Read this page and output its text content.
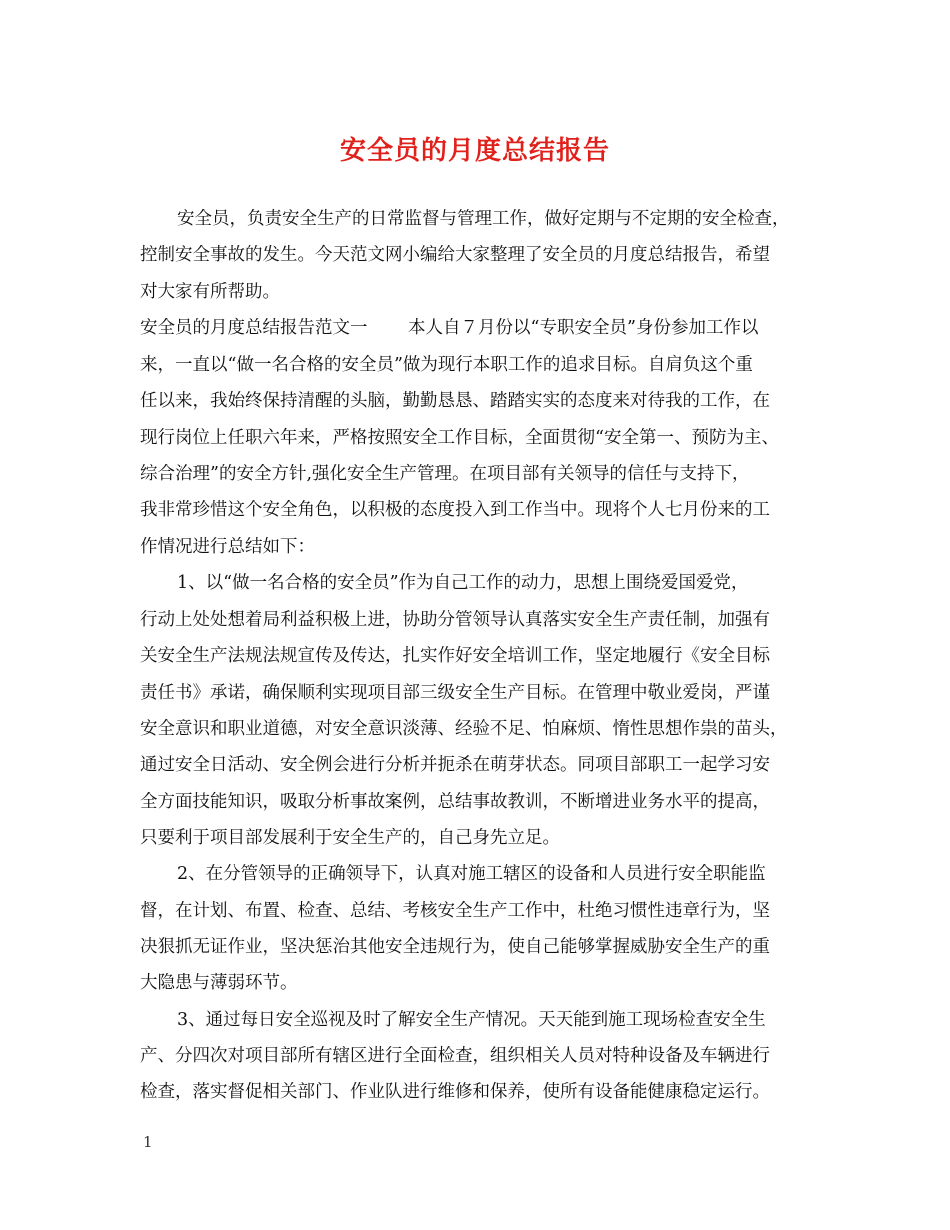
安全员的月度总结报告
安全员，负责安全生产的日常监督与管理工作，做好定期与不定期的安全检查，
控制安全事故的发生。今天范文网小编给大家整理了安全员的月度总结报告，希望
对大家有所帮助。
安全员的月度总结报告范文一　　 本人自７月份以“专职安全员”身份参加工作以
来，一直以“做一名合格的安全员”做为现行本职工作的追求目标。自肩负这个重
任以来，我始终保持清醒的头脑，勤勤恳恳、踏踏实实的态度来对待我的工作，在
现行岗位上任职六年来，严格按照安全工作目标，全面贯彻“安全第一、预防为主、
综合治理”的安全方针,强化安全生产管理。在项目部有关领导的信任与支持下，
我非常珍惜这个安全角色，以积极的态度投入到工作当中。现将个人七月份来的工
作情况进行总结如下：
1、以“做一名合格的安全员”作为自己工作的动力，思想上围绕爱国爱党，
行动上处处想着局利益积极上进，协助分管领导认真落实安全生产责任制，加强有
关安全生产法规法规宣传及传达，扎实作好安全培训工作，坚定地履行《安全目标
责任书》承诺，确保顺利实现项目部三级安全生产目标。在管理中敬业爱岗，严谨
安全意识和职业道德，对安全意识淡薄、经验不足、怕麻烦、惰性思想作祟的苗头，
通过安全日活动、安全例会进行分析并扼杀在萌芽状态。同项目部职工一起学习安
全方面技能知识，吸取分析事故案例，总结事故教训，不断增进业务水平的提高，
只要利于项目部发展利于安全生产的，自己身先立足。
2、在分管领导的正确领导下，认真对施工辖区的设备和人员进行安全职能监
督，在计划、布置、检查、总结、考核安全生产工作中，杜绝习惯性违章行为，坚
决狠抓无证作业，坚决惩治其他安全违规行为，使自己能够掌握威胁安全生产的重
大隐患与薄弱环节。
3、通过每日安全巡视及时了解安全生产情况。天天能到施工现场检查安全生
产、分四次对项目部所有辖区进行全面检查，组织相关人员对特种设备及车辆进行
检查，落实督促相关部门、作业队进行维修和保养，使所有设备能健康稳定运行。
1
